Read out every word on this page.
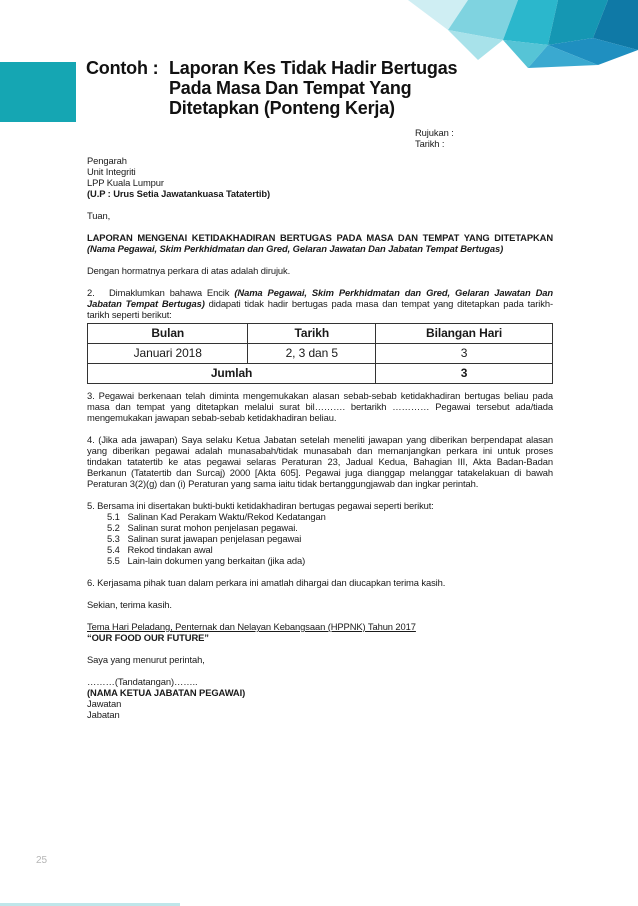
Contoh : Laporan Kes Tidak Hadir Bertugas
Pada Masa Dan Tempat Yang
Ditetapkan (Ponteng Kerja)
Rujukan :
Tarikh :
Pengarah
Unit Integriti
LPP Kuala Lumpur
(U.P : Urus Setia Jawatankuasa Tatatertib)
Tuan,

LAPORAN MENGENAI KETIDAKHADIRAN BERTUGAS PADA MASA DAN TEMPAT YANG DITETAPKAN (Nama Pegawai, Skim Perkhidmatan dan Gred, Gelaran Jawatan Dan Jabatan Tempat Bertugas)

Dengan hormatnya perkara di atas adalah dirujuk.

2. Dimaklumkan bahawa Encik (Nama Pegawai, Skim Perkhidmatan dan Gred, Gelaran Jawatan Dan Jabatan Tempat Bertugas) didapati tidak hadir bertugas pada masa dan tempat yang ditetapkan pada tarikh-tarikh seperti berikut:

Bulan	Tarikh	Bilangan Hari
Januari 2018	2, 3 dan 5	3
Jumlah		3

3. Pegawai berkenaan telah diminta mengemukakan alasan sebab-sebab ketidakhadiran bertugas beliau pada masa dan tempat yang ditetapkan melalui surat bil………. bertarikh ………… Pegawai tersebut ada/tiada mengemukakan jawapan sebab-sebab ketidakhadiran beliau.

4. (Jika ada jawapan) Saya selaku Ketua Jabatan setelah meneliti jawapan yang diberikan berpendapat alasan yang diberikan pegawai adalah munasabah/tidak munasabah dan memanjangkan perkara ini untuk proses tindakan tatatertib ke atas pegawai selaras Peraturan 23, Jadual Kedua, Bahagian III, Akta Badan-Badan Berkanun (Tatatertib dan Surcaj) 2000 [Akta 605]. Pegawai juga dianggap melanggar tatakelakuan di bawah Peraturan 3(2)(g) dan (i) Peraturan yang sama iaitu tidak bertanggungjawab dan ingkar perintah.

5. Bersama ini disertakan bukti-bukti ketidakhadiran bertugas pegawai seperti berikut:

5.1 Salinan Kad Perakam Waktu/Rekod Kedatangan
5.2 Salinan surat mohon penjelasan pegawai.
5.3 Salinan surat jawapan penjelasan pegawai
5.4 Rekod tindakan awal
5.5 Lain-lain dokumen yang berkaitan (jika ada)

6. Kerjasama pihak tuan dalam perkara ini amatlah dihargai dan diucapkan terima kasih.

Sekian, terima kasih.
Tema Hari Peladang, Penternak dan Nelayan Kebangsaan (HPPNK) Tahun 2017
“OUR FOOD OUR FUTURE”
Saya yang menurut perintah,
………(Tandatangan)……..
(NAMA KETUA JABATAN PEGAWAI)
Jawatan
Jabatan
25
